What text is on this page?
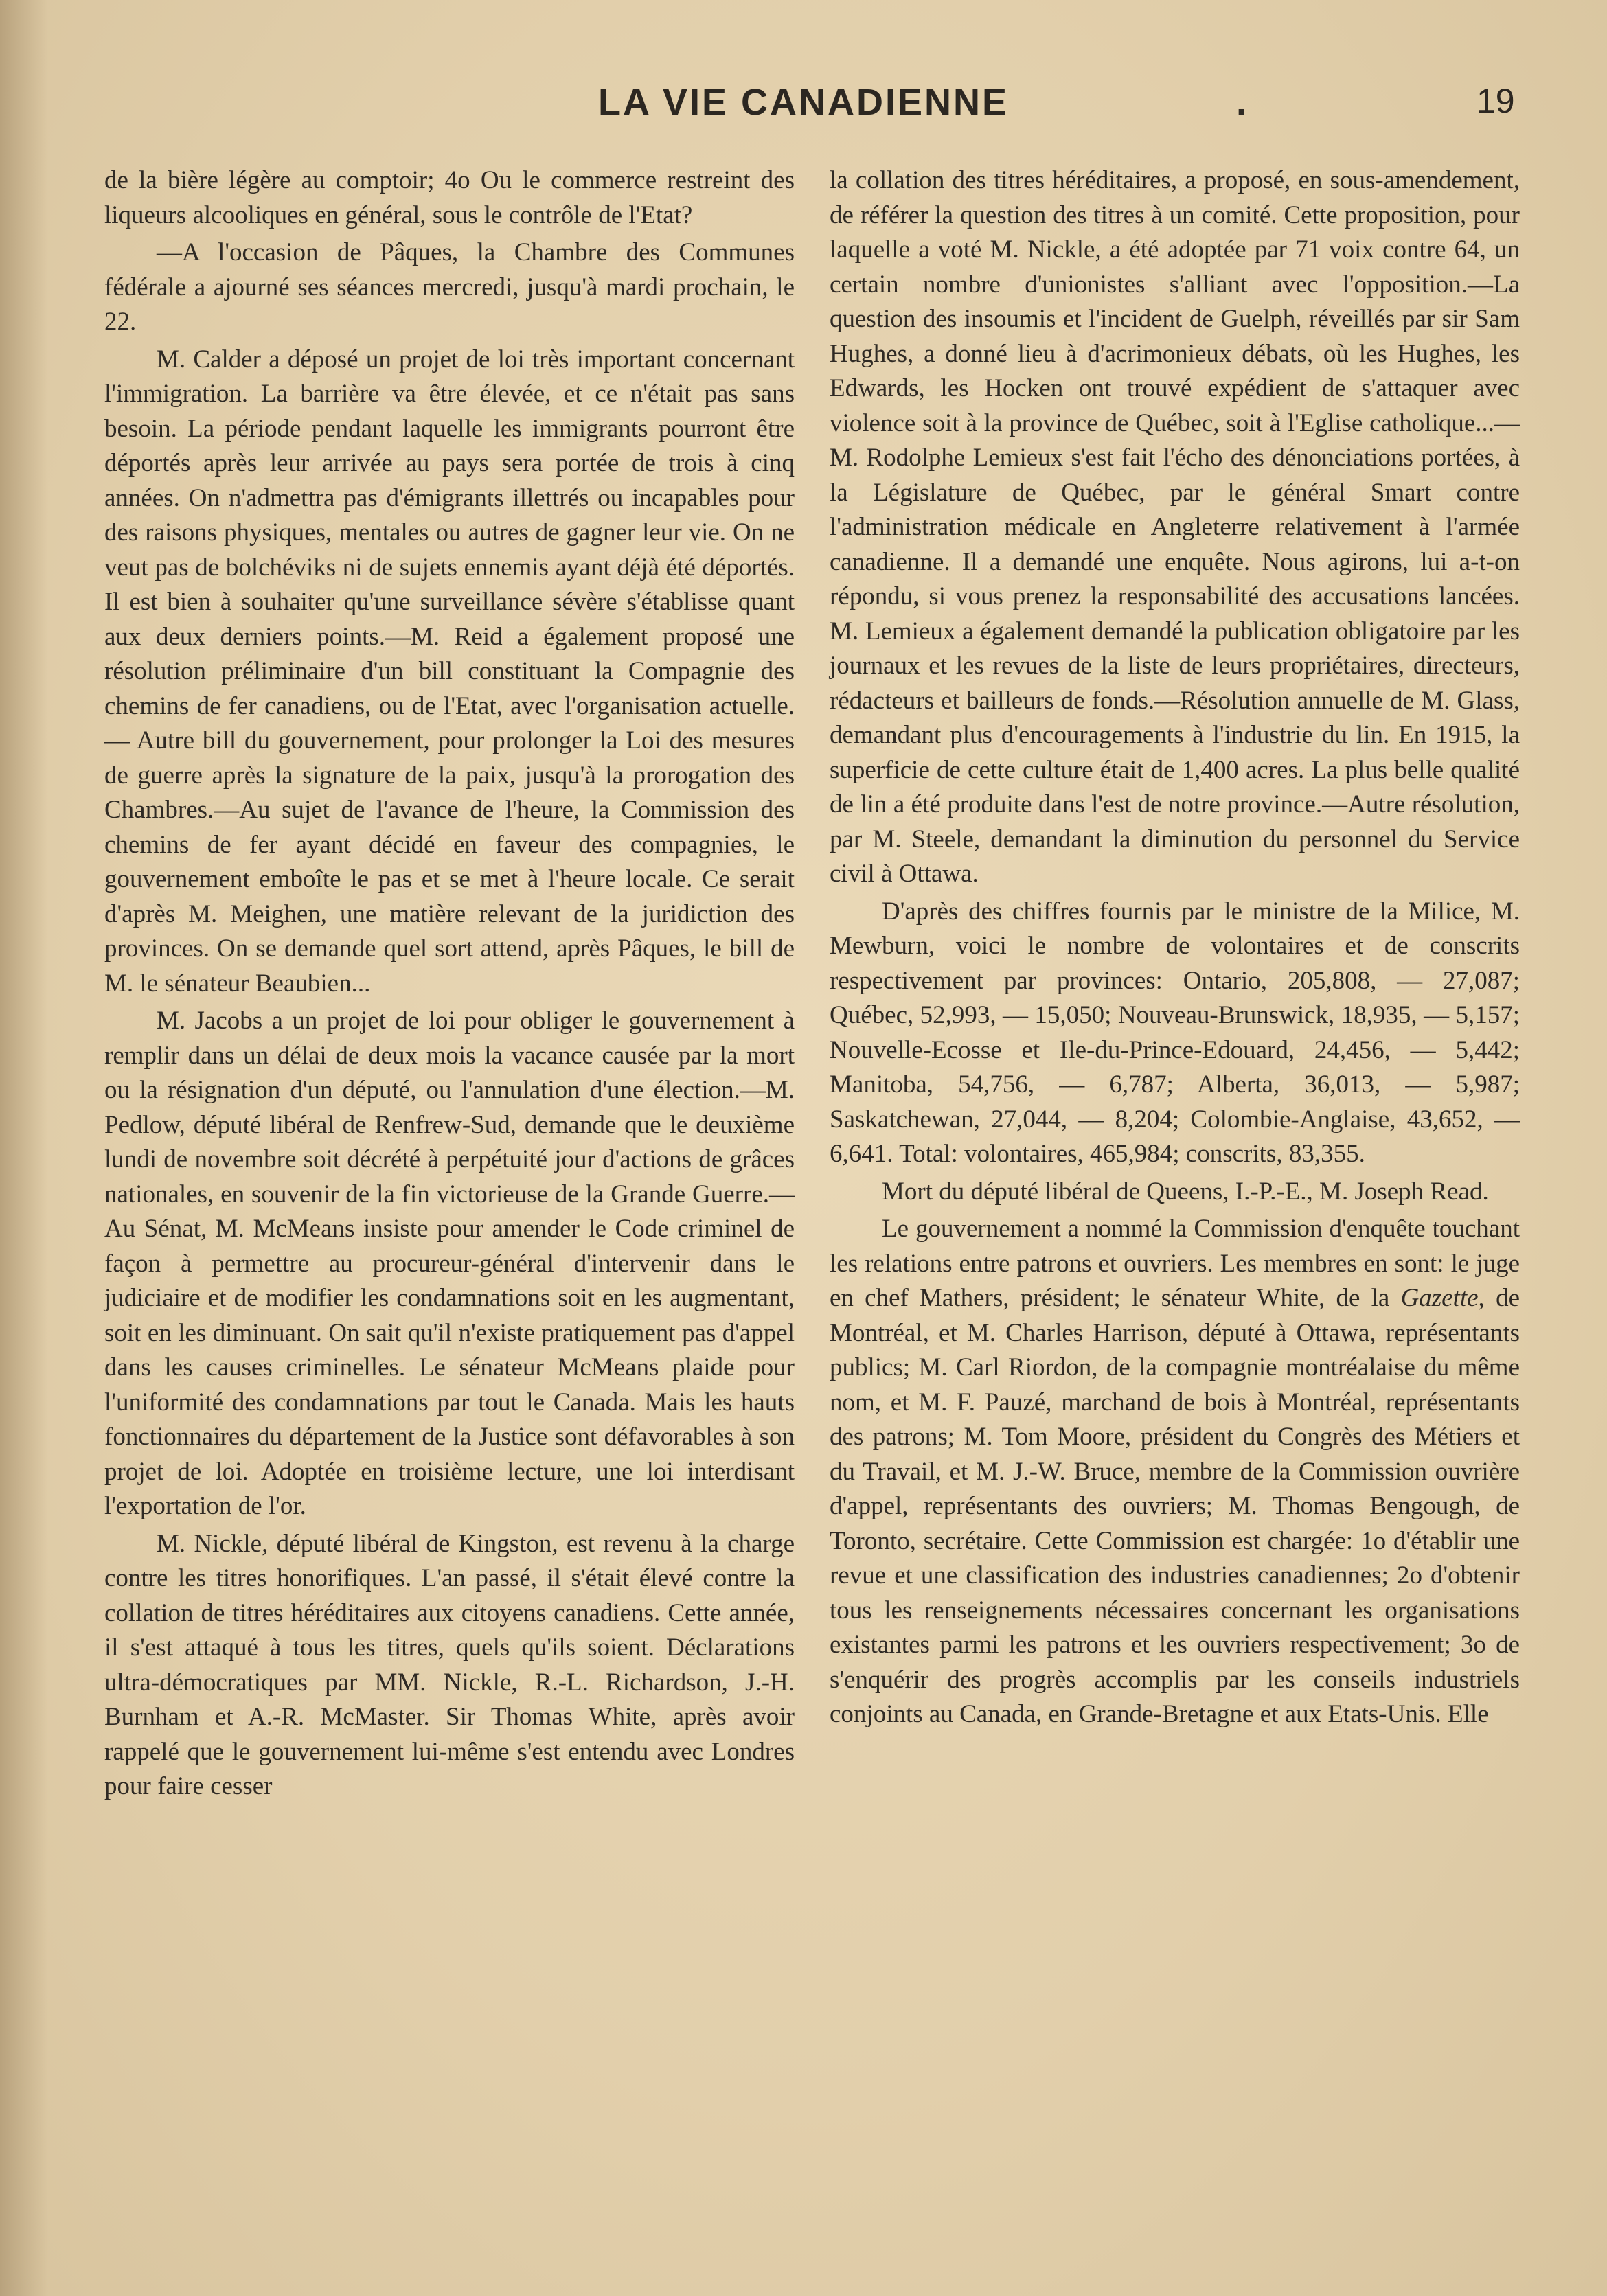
LA VIE CANADIENNE	.	19

de la bière légère au comptoir; 4o Ou le commerce restreint des liqueurs alcooliques en général, sous le contrôle de l'Etat?

—A l'occasion de Pâques, la Chambre des Communes fédérale a ajourné ses séances mercredi, jusqu'à mardi prochain, le 22.

M. Calder a déposé un projet de loi très important concernant l'immigration. La barrière va être élevée, et ce n'était pas sans besoin. La période pendant laquelle les immigrants pourront être déportés après leur arrivée au pays sera portée de trois à cinq années. On n'admettra pas d'émigrants illettrés ou incapables pour des raisons physiques, mentales ou autres de gagner leur vie. On ne veut pas de bolchéviks ni de sujets ennemis ayant déjà été déportés. Il est bien à souhaiter qu'une surveillance sévère s'établisse quant aux deux derniers points.—M. Reid a également proposé une résolution préliminaire d'un bill constituant la Compagnie des chemins de fer canadiens, ou de l'Etat, avec l'organisation actuelle. — Autre bill du gouvernement, pour prolonger la Loi des mesures de guerre après la signature de la paix, jusqu'à la prorogation des Chambres.—Au sujet de l'avance de l'heure, la Commission des chemins de fer ayant décidé en faveur des compagnies, le gouvernement emboîte le pas et se met à l'heure locale. Ce serait d'après M. Meighen, une matière relevant de la juridiction des provinces. On se demande quel sort attend, après Pâques, le bill de M. le sénateur Beaubien...

M. Jacobs a un projet de loi pour obliger le gouvernement à remplir dans un délai de deux mois la vacance causée par la mort ou la résignation d'un député, ou l'annulation d'une élection.—M. Pedlow, député libéral de Renfrew-Sud, demande que le deuxième lundi de novembre soit décrété à perpétuité jour d'actions de grâces nationales, en souvenir de la fin victorieuse de la Grande Guerre.—Au Sénat, M. McMeans insiste pour amender le Code criminel de façon à permettre au procureur-général d'intervenir dans le judiciaire et de modifier les condamnations soit en les augmentant, soit en les diminuant. On sait qu'il n'existe pratiquement pas d'appel dans les causes criminelles. Le sénateur McMeans plaide pour l'uniformité des condamnations par tout le Canada. Mais les hauts fonctionnaires du département de la Justice sont défavorables à son projet de loi. Adoptée en troisième lecture, une loi interdisant l'exportation de l'or.

M. Nickle, député libéral de Kingston, est revenu à la charge contre les titres honorifiques. L'an passé, il s'était élevé contre la collation de titres héréditaires aux citoyens canadiens. Cette année, il s'est attaqué à tous les titres, quels qu'ils soient. Déclarations ultra-démocratiques par MM. Nickle, R.-L. Richardson, J.-H. Burnham et A.-R. McMaster. Sir Thomas White, après avoir rappelé que le gouvernement lui-même s'est entendu avec Londres pour faire cesser

la collation des titres héréditaires, a proposé, en sous-amendement, de référer la question des titres à un comité. Cette proposition, pour laquelle a voté M. Nickle, a été adoptée par 71 voix contre 64, un certain nombre d'unionistes s'alliant avec l'opposition.—La question des insoumis et l'incident de Guelph, réveillés par sir Sam Hughes, a donné lieu à d'acrimonieux débats, où les Hughes, les Edwards, les Hocken ont trouvé expédient de s'attaquer avec violence soit à la province de Québec, soit à l'Eglise catholique...— M. Rodolphe Lemieux s'est fait l'écho des dénonciations portées, à la Législature de Québec, par le général Smart contre l'administration médicale en Angleterre relativement à l'armée canadienne. Il a demandé une enquête. Nous agirons, lui a-t-on répondu, si vous prenez la responsabilité des accusations lancées. M. Lemieux a également demandé la publication obligatoire par les journaux et les revues de la liste de leurs propriétaires, directeurs, rédacteurs et bailleurs de fonds.—Résolution annuelle de M. Glass, demandant plus d'encouragements à l'industrie du lin. En 1915, la superficie de cette culture était de 1,400 acres. La plus belle qualité de lin a été produite dans l'est de notre province.—Autre résolution, par M. Steele, demandant la diminution du personnel du Service civil à Ottawa.

D'après des chiffres fournis par le ministre de la Milice, M. Mewburn, voici le nombre de volontaires et de conscrits respectivement par provinces: Ontario, 205,808, — 27,087; Québec, 52,993, — 15,050; Nouveau-Brunswick, 18,935, — 5,157; Nouvelle-Ecosse et Ile-du-Prince-Edouard, 24,456, — 5,442; Manitoba, 54,756, — 6,787; Alberta, 36,013, — 5,987; Saskatchewan, 27,044, — 8,204; Colombie-Anglaise, 43,652, —6,641. Total: volontaires, 465,984; conscrits, 83,355.

Mort du député libéral de Queens, I.-P.-E., M. Joseph Read.

Le gouvernement a nommé la Commission d'enquête touchant les relations entre patrons et ouvriers. Les membres en sont: le juge en chef Mathers, président; le sénateur White, de la Gazette, de Montréal, et M. Charles Harrison, député à Ottawa, représentants publics; M. Carl Riordon, de la compagnie montréalaise du même nom, et M. F. Pauzé, marchand de bois à Montréal, représentants des patrons; M. Tom Moore, président du Congrès des Métiers et du Travail, et M. J.-W. Bruce, membre de la Commission ouvrière d'appel, représentants des ouvriers; M. Thomas Bengough, de Toronto, secrétaire. Cette Commission est chargée: 1o d'établir une revue et une classification des industries canadiennes; 2o d'obtenir tous les renseignements nécessaires concernant les organisations existantes parmi les patrons et les ouvriers respectivement; 3o de s'enquérir des progrès accomplis par les conseils industriels conjoints au Canada, en Grande-Bretagne et aux Etats-Unis. Elle
